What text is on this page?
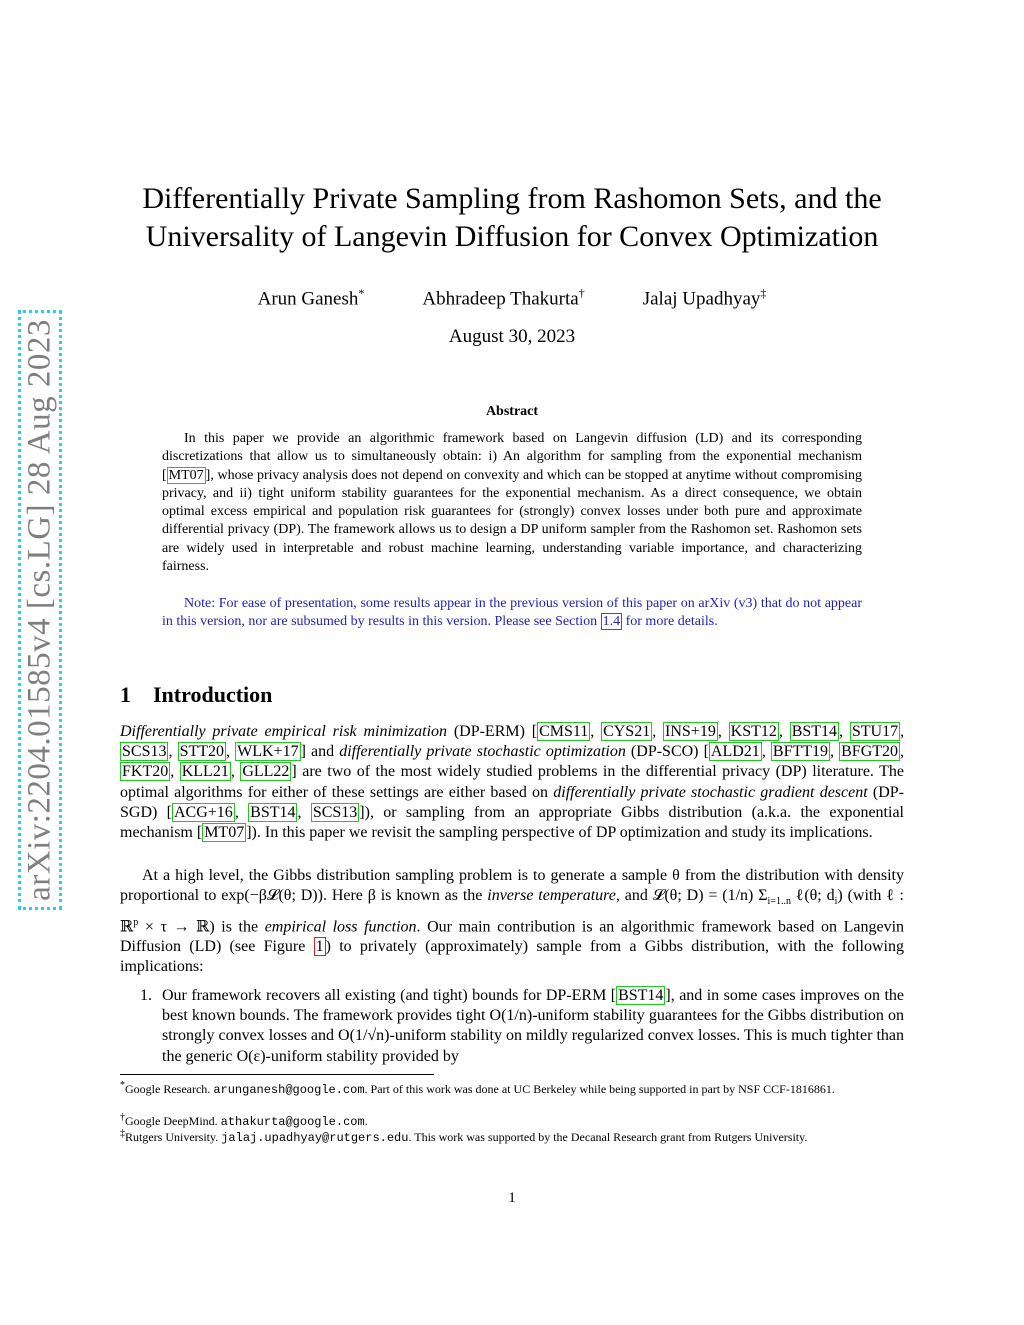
arXiv:2204.01585v4 [cs.LG] 28 Aug 2023
Differentially Private Sampling from Rashomon Sets, and the
Universality of Langevin Diffusion for Convex Optimization
Arun Ganesh*	Abhradeep Thakurta†	Jalaj Upadhyay‡
August 30, 2023
Abstract
In this paper we provide an algorithmic framework based on Langevin diffusion (LD) and its corresponding discretizations that allow us to simultaneously obtain: i) An algorithm for sampling from the exponential mechanism [ MT07 ], whose privacy analysis does not depend on convexity and which can be stopped at anytime without compromising privacy, and ii) tight uniform stability guarantees for the exponential mechanism. As a direct consequence, we obtain optimal excess empirical and population risk guarantees for (strongly) convex losses under both pure and approximate differential privacy (DP). The framework allows us to design a DP uniform sampler from the Rashomon set. Rashomon sets are widely used in interpretable and robust machine learning, understanding variable importance, and characterizing fairness.
Note: For ease of presentation, some results appear in the previous version of this paper on arXiv (v3) that do not appear in this version, nor are subsumed by results in this version. Please see Section 1.4 for more details.
1 Introduction
Differentially private empirical risk minimization (DP-ERM) [ CMS11 , CYS21 , INS+19 , KST12 , BST14 , STU17 , SCS13 , STT20 , WLK+17 ] and differentially private stochastic optimization (DP-SCO) [ ALD21 , BFTT19 , BFGT20 , FKT20 , KLL21 , GLL22 ] are two of the most widely studied problems in the differential privacy (DP) literature. The optimal algorithms for either of these settings are either based on differentially private stochastic gradient descent (DP-SGD) [ ACG+16 , BST14 , SCS13 ]), or sampling from an appropriate Gibbs distribution (a.k.a. the exponential mechanism [ MT07 ]). In this paper we revisit the sampling perspective of DP optimization and study its implications.
At a high level, the Gibbs distribution sampling problem is to generate a sample θ from the distribution with density proportional to exp(−β𝓛(θ; D)). Here β is known as the inverse temperature, and 𝓛(θ; D) = (1/n) $\Sigma_{i=1..n}$ ℓ(θ; $d_i$) (with ℓ : ℝ$^p$ × τ → ℝ) is the empirical loss function. Our main contribution is an algorithmic framework based on Langevin Diffusion (LD) (see Figure 1 ) to privately (approximately) sample from a Gibbs distribution, with the following implications:
1. Our framework recovers all existing (and tight) bounds for DP-ERM [ BST14 ], and in some cases improves on the best known bounds. The framework provides tight O(1/n)-uniform stability guarantees for the Gibbs distribution on strongly convex losses and O(1/√n)-uniform stability on mildly regularized convex losses. This is much tighter than the generic O(ε)-uniform stability provided by
*Google Research. arunganesh@google.com. Part of this work was done at UC Berkeley while being supported in part by NSF CCF-1816861.
†Google DeepMind. athakurta@google.com.
‡Rutgers University. jalaj.upadhyay@rutgers.edu. This work was supported by the Decanal Research grant from Rutgers University.
1
